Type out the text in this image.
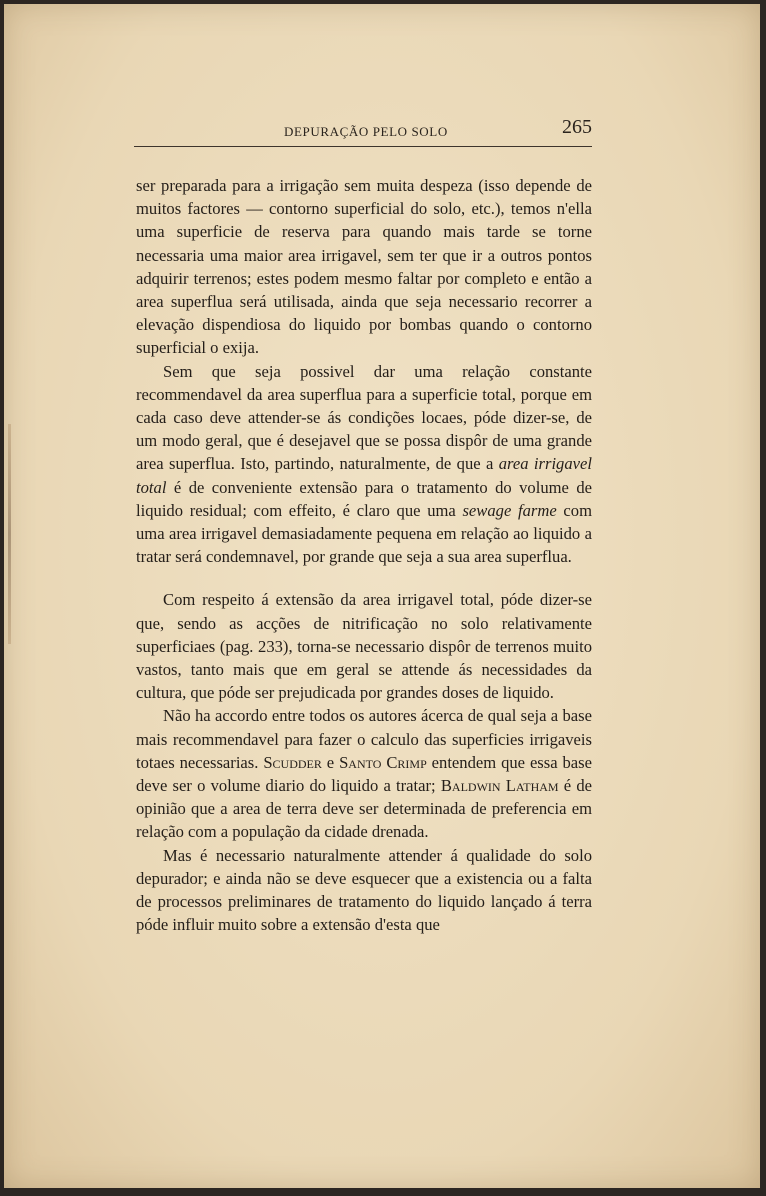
DEPURAÇÃO PELO SOLO	265

ser preparada para a irrigação sem muita despeza (isso depende de muitos factores — contorno superficial do solo, etc.), temos n'ella uma superficie de reserva para quando mais tarde se torne necessaria uma maior area irrigavel, sem ter que ir a outros pontos adquirir terrenos; estes podem mesmo faltar por completo e então a area superflua será utilisada, ainda que seja necessario recorrer a elevação dispendiosa do liquido por bombas quando o contorno superficial o exija.

Sem que seja possivel dar uma relação constante recommendavel da area superflua para a superficie total, porque em cada caso deve attender-se ás condições locaes, póde dizer-se, de um modo geral, que é desejavel que se possa dispôr de uma grande area superflua. Isto, partindo, naturalmente, de que a area irrigavel total é de conveniente extensão para o tratamento do volume de liquido residual; com effeito, é claro que uma sewage farme com uma area irrigavel demasiadamente pequena em relação ao liquido a tratar será condemnavel, por grande que seja a sua area superflua.

Com respeito á extensão da area irrigavel total, póde dizer-se que, sendo as acções de nitrificação no solo relativamente superficiaes (pag. 233), torna-se necessario dispôr de terrenos muito vastos, tanto mais que em geral se attende ás necessidades da cultura, que póde ser prejudicada por grandes doses de liquido.

Não ha accordo entre todos os autores ácerca de qual seja a base mais recommendavel para fazer o calculo das superficies irrigaveis totaes necessarias. Scudder e Santo Crimp entendem que essa base deve ser o volume diario do liquido a tratar; Baldwin Latham é de opinião que a area de terra deve ser determinada de preferencia em relação com a população da cidade drenada.

Mas é necessario naturalmente attender á qualidade do solo depurador; e ainda não se deve esquecer que a existencia ou a falta de processos preliminares de tratamento do liquido lançado á terra póde influir muito sobre a extensão d'esta que
